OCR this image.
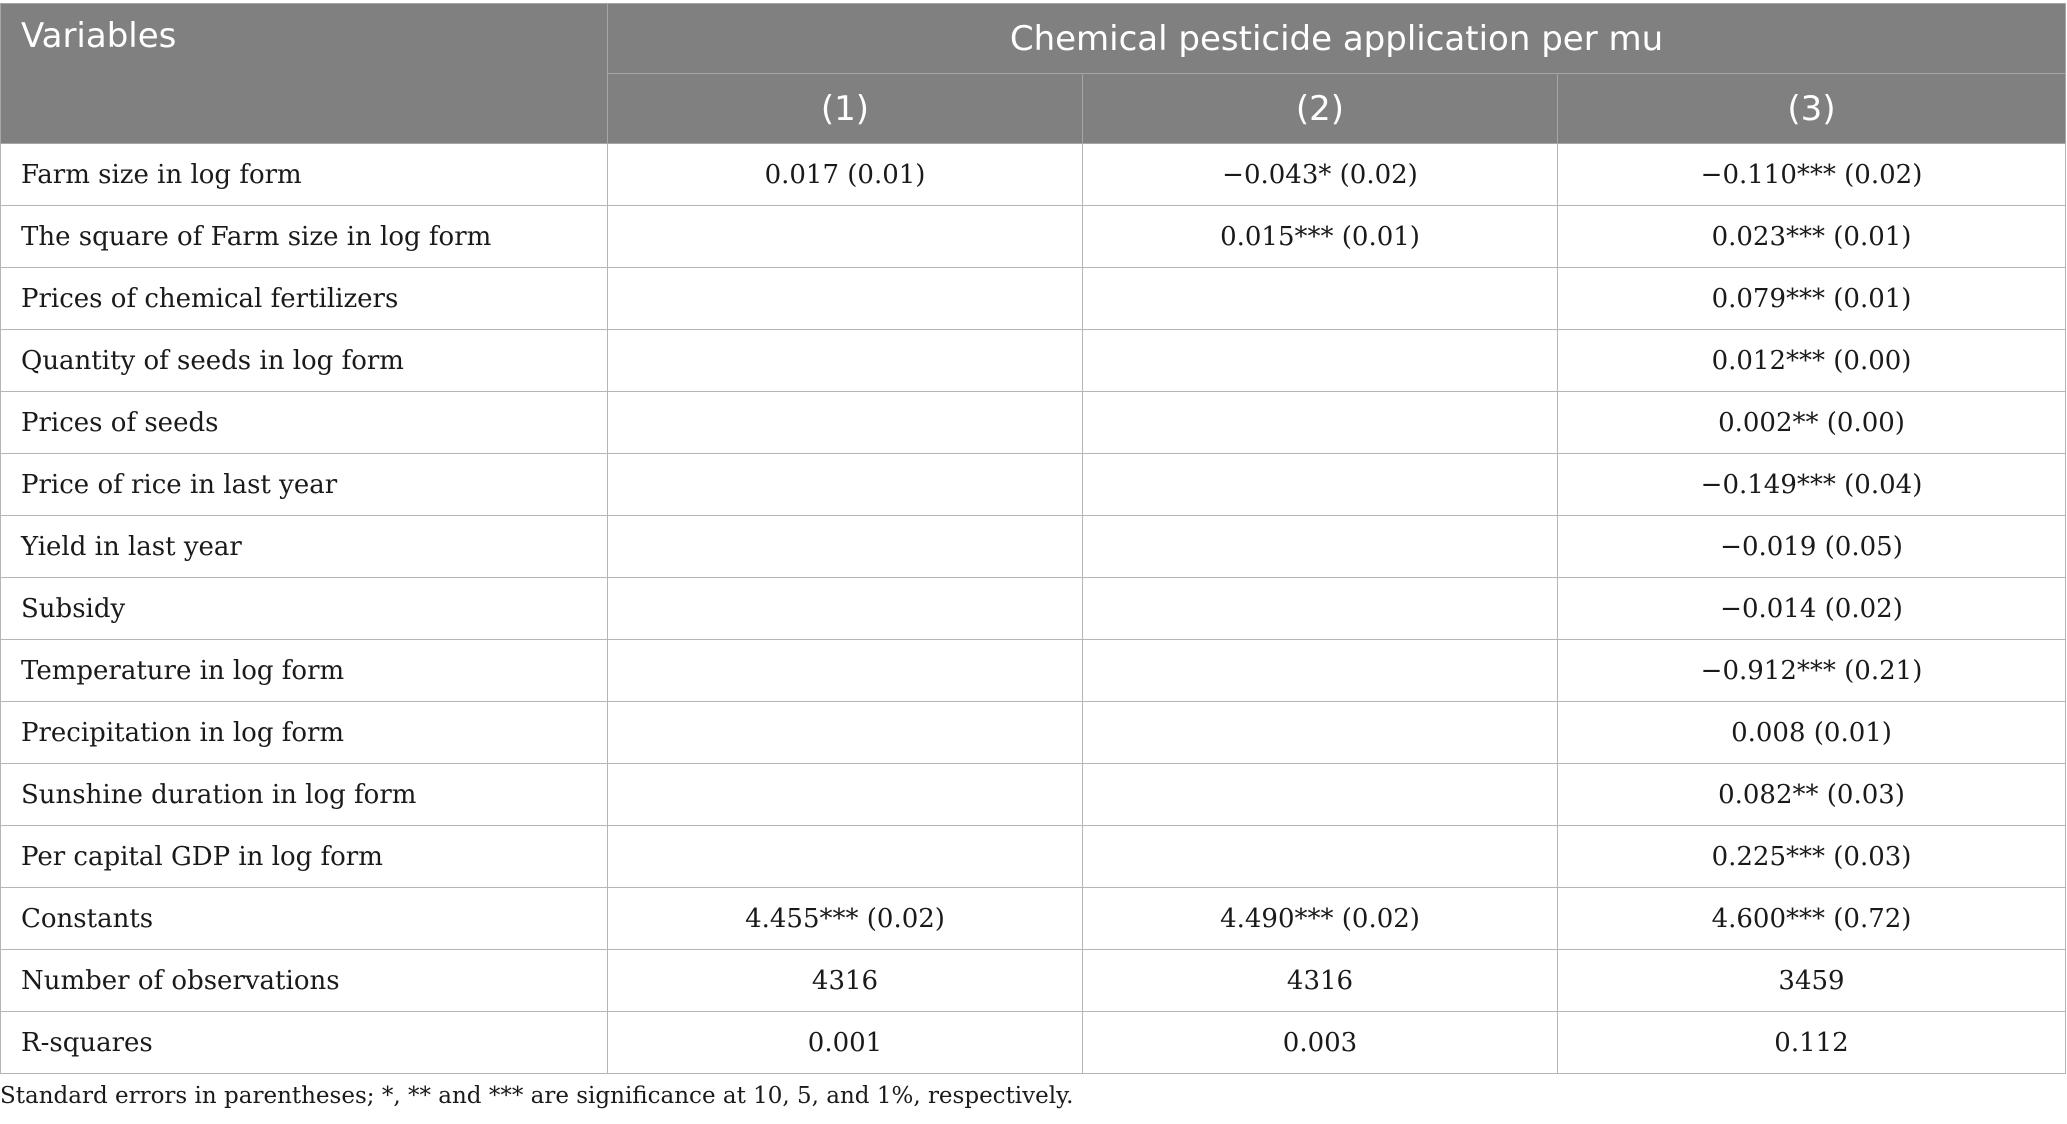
Variables	Chemical pesticide application per mu		
	(1)	(2)	(3)
Farm size in log form	0.017 (0.01)	−0.043* (0.02)	−0.110*** (0.02)
The square of Farm size in log form		0.015*** (0.01)	0.023*** (0.01)
Prices of chemical fertilizers			0.079*** (0.01)
Quantity of seeds in log form			0.012*** (0.00)
Prices of seeds			0.002** (0.00)
Price of rice in last year			−0.149*** (0.04)
Yield in last year			−0.019 (0.05)
Subsidy			−0.014 (0.02)
Temperature in log form			−0.912*** (0.21)
Precipitation in log form			0.008 (0.01)
Sunshine duration in log form			0.082** (0.03)
Per capital GDP in log form			0.225*** (0.03)
Constants	4.455*** (0.02)	4.490*** (0.02)	4.600*** (0.72)
Number of observations	4316	4316	3459
R-squares	0.001	0.003	0.112
Standard errors in parentheses; *, ** and *** are significance at 10, 5, and 1%, respectively.
